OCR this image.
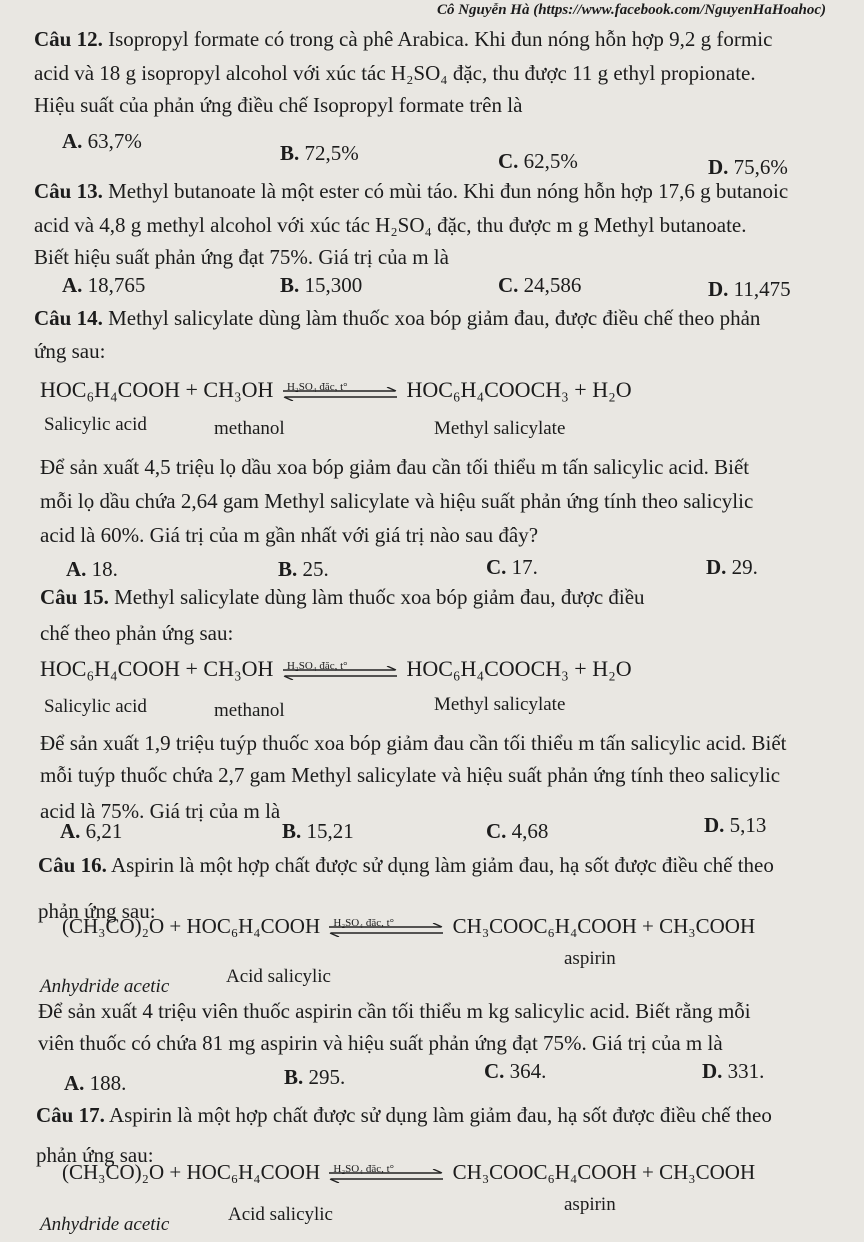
Cô Nguyễn Hà (https://www.facebook.com/NguyenHaHoahoc)
Câu 12. Isopropyl formate có trong cà phê Arabica. Khi đun nóng hỗn hợp 9,2 g formic
acid và 18 g isopropyl alcohol với xúc tác H₂SO₄ đặc, thu được 11 g ethyl propionate.
Hiệu suất của phản ứng điều chế Isopropyl formate trên là
A. 63,7%	B. 72,5%	C. 62,5%	D. 75,6%
Câu 13. Methyl butanoate là một ester có mùi táo. Khi đun nóng hỗn hợp 17,6 g butanoic
acid và 4,8 g methyl alcohol với xúc tác H₂SO₄ đặc, thu được m g Methyl butanoate.
Biết hiệu suất phản ứng đạt 75%. Giá trị của m là
A. 18,765	B. 15,300	C. 24,586	D. 11,475
Câu 14. Methyl salicylate dùng làm thuốc xoa bóp giảm đau, được điều chế theo phản
ứng sau:
HOC₆H₄COOH + CH₃OH H₂SO₄ đặc, t°	HOC₆H₄COOCH₃ + H₂O
Salicylic acid	methanol	Methyl salicylate
Để sản xuất 4,5 triệu lọ dầu xoa bóp giảm đau cần tối thiểu m tấn salicylic acid. Biết
mỗi lọ dầu chứa 2,64 gam Methyl salicylate và hiệu suất phản ứng tính theo salicylic
acid là 60%. Giá trị của m gần nhất với giá trị nào sau đây?
A. 18.	B. 25.	C. 17.	D. 29.
Câu 15. Methyl salicylate dùng làm thuốc xoa bóp giảm đau, được điều
chế theo phản ứng sau:
HOC₆H₄COOH + CH₃OH H₂SO₄ đặc, t°	HOC₆H₄COOCH₃ + H₂O
Salicylic acid	methanol	Methyl salicylate
Để sản xuất 1,9 triệu tuýp thuốc xoa bóp giảm đau cần tối thiểu m tấn salicylic acid. Biết
mỗi tuýp thuốc chứa 2,7 gam Methyl salicylate và hiệu suất phản ứng tính theo salicylic
acid là 75%. Giá trị của m là
A. 6,21	B. 15,21	C. 4,68	D. 5,13
Câu 16. Aspirin là một hợp chất được sử dụng làm giảm đau, hạ sốt được điều chế theo
phản ứng sau:
(CH₃CO)₂O + HOC₆H₄COOH H₂SO₄ đặc, t°	CH₃COOC₆H₄COOH + CH₃COOH
Anhydride acetic	Acid salicylic
aspirin
Để sản xuất 4 triệu viên thuốc aspirin cần tối thiểu m kg salicylic acid. Biết rằng mỗi
viên thuốc có chứa 81 mg aspirin và hiệu suất phản ứng đạt 75%. Giá trị của m là
A. 188.	B. 295.	C. 364.	D. 331.
Câu 17. Aspirin là một hợp chất được sử dụng làm giảm đau, hạ sốt được điều chế theo
phản ứng sau:
(CH₃CO)₂O + HOC₆H₄COOH H₂SO₄ đặc, t°	CH₃COOC₆H₄COOH + CH₃COOH
Anhydride acetic	Acid salicylic	aspirin
